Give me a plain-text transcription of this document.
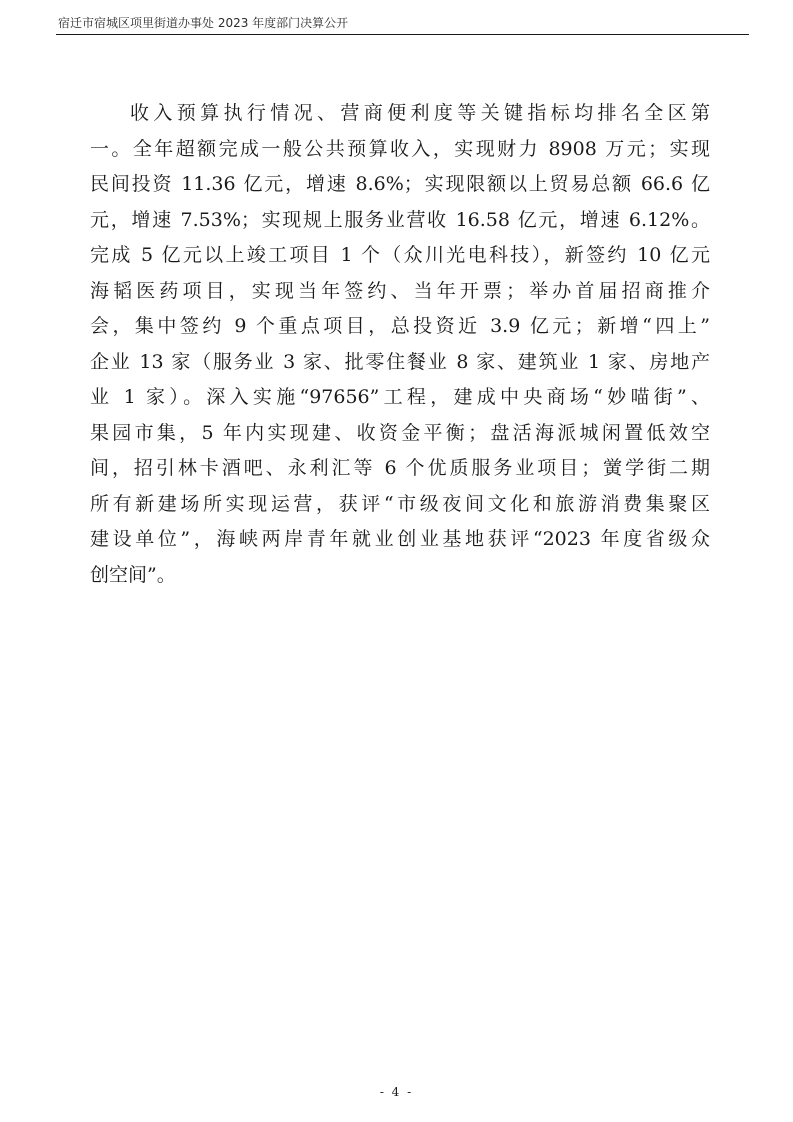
宿迁市宿城区项里街道办事处 2023 年度部门决算公开
收入预算执行情况、营商便利度等关键指标均排名全区第
一。全年超额完成一般公共预算收入，实现财力 8908 万元；实现
民间投资 11.36 亿元，增速 8.6%；实现限额以上贸易总额 66.6 亿
元，增速 7.53%；实现规上服务业营收 16.58 亿元，增速 6.12%。
完成 5 亿元以上竣工项目 1 个（众川光电科技），新签约 10 亿元
海韬医药项目，实现当年签约、当年开票；举办首届招商推介
会，集中签约 9 个重点项目，总投资近 3.9 亿元；新增“四上”
企业 13 家（服务业 3 家、批零住餐业 8 家、建筑业 1 家、房地产
业 1 家）。深入实施“97656”工程，建成中央商场“妙喵街”、
果园市集，5 年内实现建、收资金平衡；盘活海派城闲置低效空
间，招引林卡酒吧、永利汇等 6 个优质服务业项目；黉学街二期
所有新建场所实现运营，获评“市级夜间文化和旅游消费集聚区
建设单位”，海峡两岸青年就业创业基地获评“2023 年度省级众
创空间”。
- 4 -
